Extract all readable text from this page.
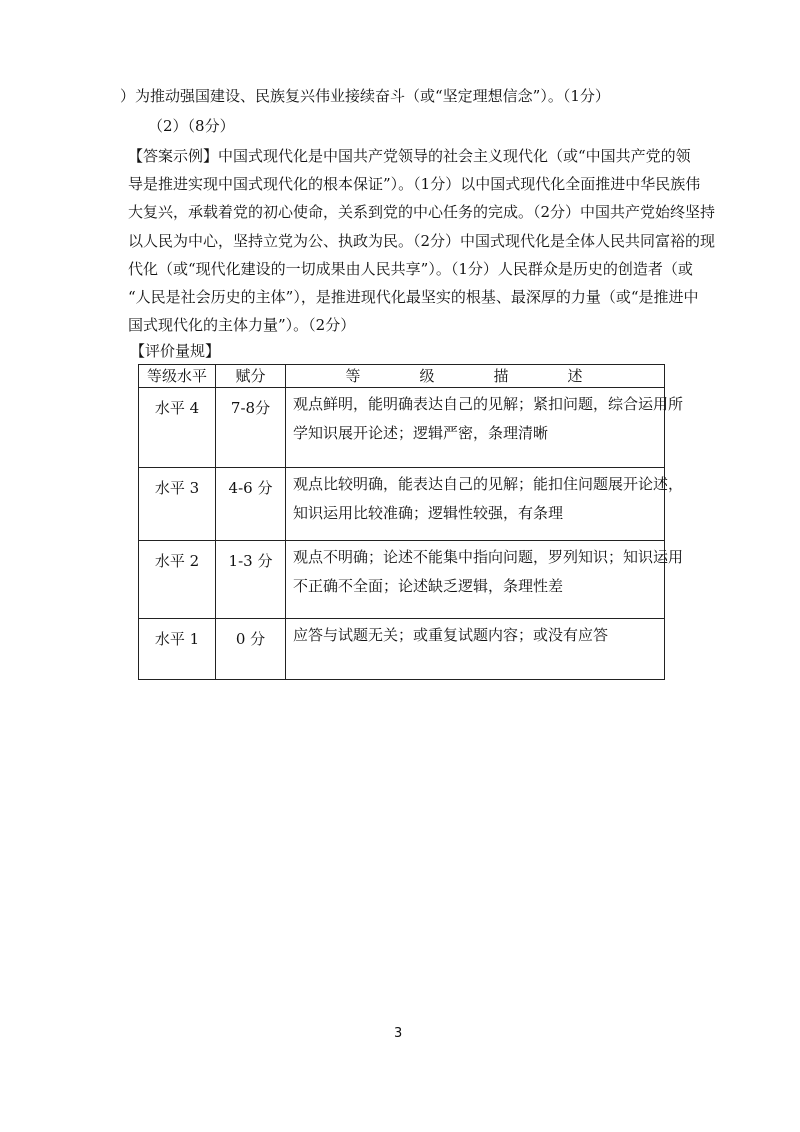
）为推动强国建设、民族复兴伟业接续奋斗（或“坚定理想信念”）。（1分）
（2）（8分）
【答案示例】中国式现代化是中国共产党领导的社会主义现代化（或“中国共产党的领
导是推进实现中国式现代化的根本保证”）。（1分）以中国式现代化全面推进中华民族伟
大复兴，承载着党的初心使命，关系到党的中心任务的完成。（2分）中国共产党始终坚持
以人民为中心，坚持立党为公、执政为民。（2分）中国式现代化是全体人民共同富裕的现
代化（或“现代化建设的一切成果由人民共享”）。（1分）人民群众是历史的创造者（或
“人民是社会历史的主体”），是推进现代化最坚实的根基、最深厚的力量（或“是推进中
国式现代化的主体力量”）。（2分）
【评价量规】
等级水平	赋分	等　级　描　述
水平 4	7-8分	观点鲜明，能明确表达自己的见解；紧扣问题，综合运用所
学知识展开论述；逻辑严密，条理清晰

水平 3	4-6 分	观点比较明确，能表达自己的见解；能扣住问题展开论述，
知识运用比较准确；逻辑性较强，有条理

水平 2	1-3 分	观点不明确；论述不能集中指向问题，罗列知识；知识运用
不正确不全面；论述缺乏逻辑，条理性差

水平 1	0 分	应答与试题无关；或重复试题内容；或没有应答
3
